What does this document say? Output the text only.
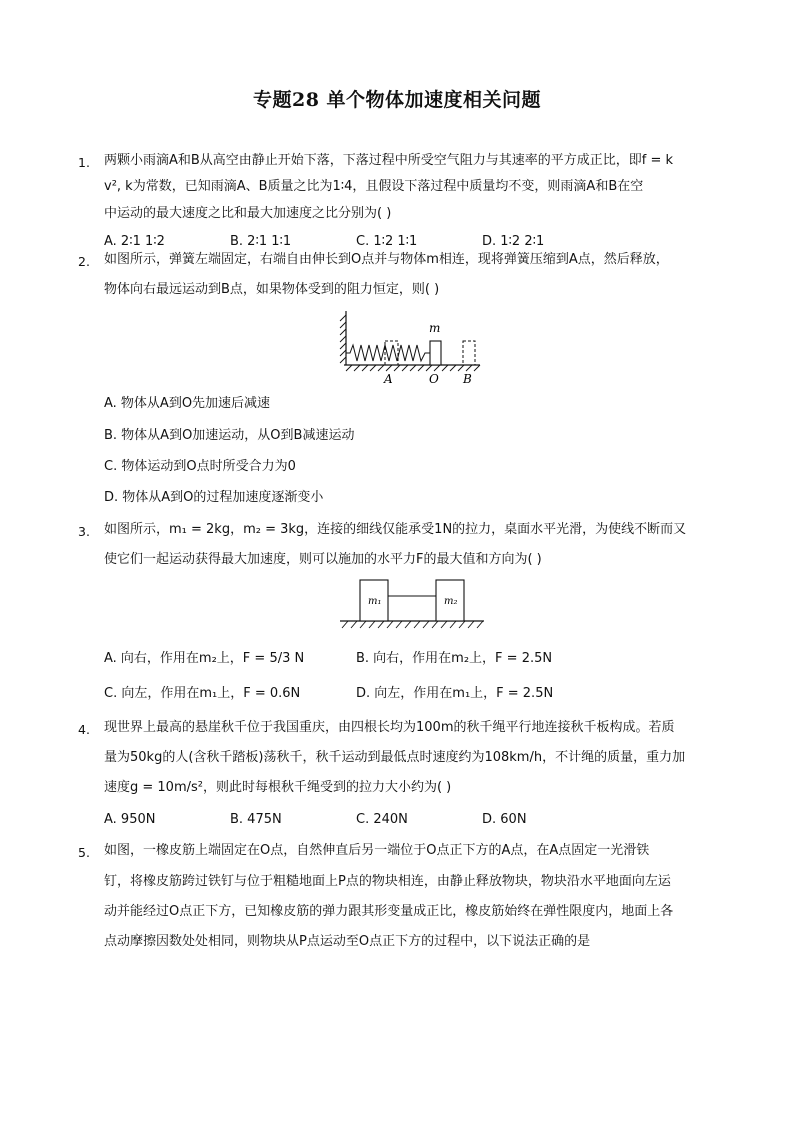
专题28 单个物体加速度相关问题
1.	两颗小雨滴A和B从高空由静止开始下落，下落过程中所受空气阻力与其速率的平方成正比，即f = k
v², k为常数，已知雨滴A、B质量之比为1∶4，且假设下落过程中质量均不变，则雨滴A和B在空
中运动的最大速度之比和最大加速度之比分别为( )
A. 2∶1 1∶2	B. 2∶1 1∶1	C. 1∶2 1∶1	D. 1∶2 2∶1
2.	如图所示，弹簧左端固定，右端自由伸长到O点并与物体m相连，现将弹簧压缩到A点，然后释放，
物体向右最远运动到B点，如果物体受到的阻力恒定，则( )
m
A	O B
A. 物体从A到O先加速后减速
B. 物体从A到O加速运动，从O到B减速运动
C. 物体运动到O点时所受合力为0
D. 物体从A到O的过程加速度逐渐变小
3.	如图所示，m₁ = 2kg，m₂ = 3kg，连接的细线仅能承受1N的拉力，桌面水平光滑，为使线不断而又
使它们一起运动获得最大加速度，则可以施加的水平力F的最大值和方向为( )
m₁	m₂
A. 向右，作用在m₂上，F = 5/3 N	B. 向右，作用在m₂上，F = 2.5N
C. 向左，作用在m₁上，F = 0.6N	D. 向左，作用在m₁上，F = 2.5N
4.	现世界上最高的悬崖秋千位于我国重庆，由四根长均为100m的秋千绳平行地连接秋千板构成。若质
量为50kg的人(含秋千踏板)荡秋千，秋千运动到最低点时速度约为108km/h，不计绳的质量，重力加
速度g = 10m/s²，则此时每根秋千绳受到的拉力大小约为( )
A. 950N	B. 475N	C. 240N	D. 60N
5.	如图，一橡皮筋上端固定在O点，自然伸直后另一端位于O点正下方的A点，在A点固定一光滑铁
钉，将橡皮筋跨过铁钉与位于粗糙地面上P点的物块相连，由静止释放物块，物块沿水平地面向左运
动并能经过O点正下方，已知橡皮筋的弹力跟其形变量成正比，橡皮筋始终在弹性限度内，地面上各
点动摩擦因数处处相同，则物块从P点运动至O点正下方的过程中，以下说法正确的是
